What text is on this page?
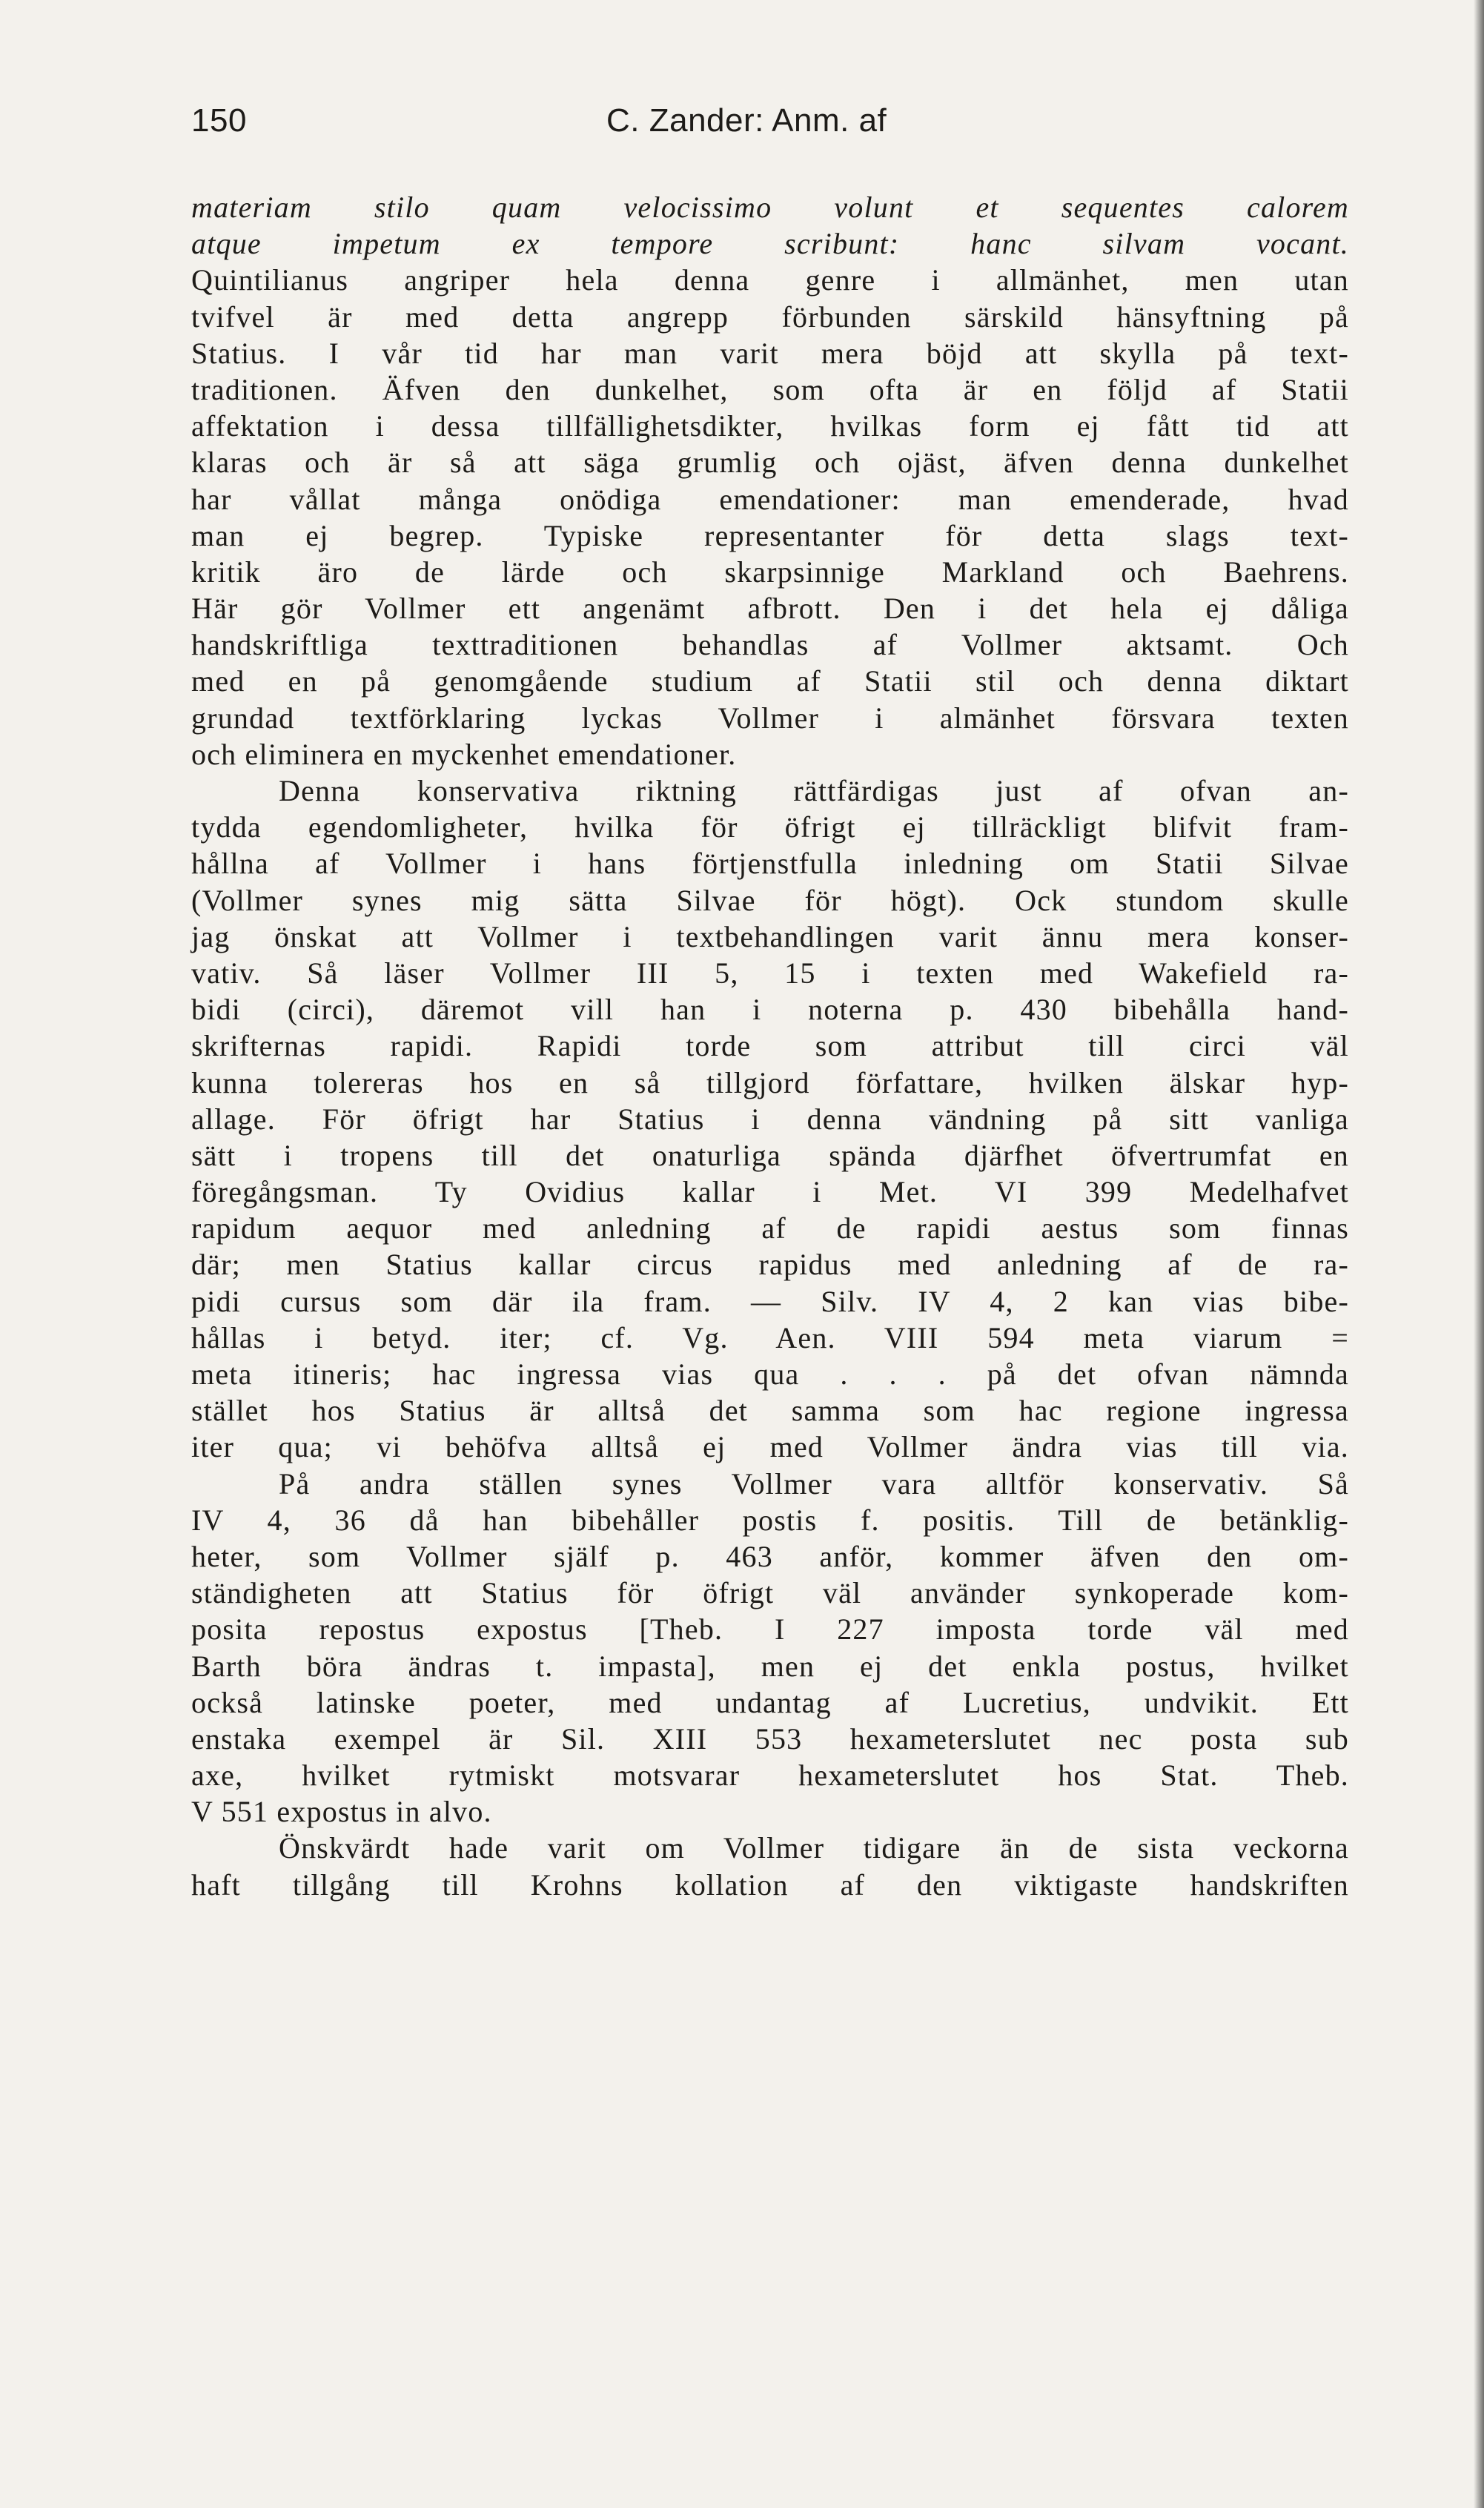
150	C. Zander: Anm. af
materiam stilo quam velocissimo volunt et sequentes calorem
atque impetum ex tempore scribunt: hanc silvam vocant.
Quintilianus angriper hela denna genre i allmänhet, men utan
tvifvel är med detta angrepp förbunden särskild hänsyftning på
Statius. I vår tid har man varit mera böjd att skylla på text-
traditionen. Äfven den dunkelhet, som ofta är en följd af Statii
affektation i dessa tillfällighetsdikter, hvilkas form ej fått tid att
klaras och är så att säga grumlig och ojäst, äfven denna dunkelhet
har vållat många onödiga emendationer: man emenderade, hvad
man ej begrep. Typiske representanter för detta slags text-
kritik äro de lärde och skarpsinnige Markland och Baehrens.
Här gör Vollmer ett angenämt afbrott. Den i det hela ej dåliga
handskriftliga texttraditionen behandlas af Vollmer aktsamt. Och
med en på genomgående studium af Statii stil och denna diktart
grundad textförklaring lyckas Vollmer i almänhet försvara texten
och eliminera en myckenhet emendationer.
Denna konservativa riktning rättfärdigas just af ofvan an-
tydda egendomligheter, hvilka för öfrigt ej tillräckligt blifvit fram-
hållna af Vollmer i hans förtjenstfulla inledning om Statii Silvae
(Vollmer synes mig sätta Silvae för högt). Ock stundom skulle
jag önskat att Vollmer i textbehandlingen varit ännu mera konser-
vativ. Så läser Vollmer III 5, 15 i texten med Wakefield ra-
bidi (circi), däremot vill han i noterna p. 430 bibehålla hand-
skrifternas rapidi. Rapidi torde som attribut till circi väl
kunna tolereras hos en så tillgjord författare, hvilken älskar hyp-
allage. För öfrigt har Statius i denna vändning på sitt vanliga
sätt i tropens till det onaturliga spända djärfhet öfvertrumfat en
föregångsman. Ty Ovidius kallar i Met. VI 399 Medelhafvet
rapidum aequor med anledning af de rapidi aestus som finnas
där; men Statius kallar circus rapidus med anledning af de ra-
pidi cursus som där ila fram. — Silv. IV 4, 2 kan vias bibe-
hållas i betyd. iter; cf. Vg. Aen. VIII 594 meta viarum =
meta itineris; hac ingressa vias qua . . . på det ofvan nämnda
stället hos Statius är alltså det samma som hac regione ingressa
iter qua; vi behöfva alltså ej med Vollmer ändra vias till via.
På andra ställen synes Vollmer vara alltför konservativ. Så
IV 4, 36 då han bibehåller postis f. positis. Till de betänklig-
heter, som Vollmer själf p. 463 anför, kommer äfven den om-
ständigheten att Statius för öfrigt väl använder synkoperade kom-
posita repostus expostus [Theb. I 227 imposta torde väl med
Barth böra ändras t. impasta], men ej det enkla postus, hvilket
också latinske poeter, med undantag af Lucretius, undvikit. Ett
enstaka exempel är Sil. XIII 553 hexameterslutet nec posta sub
axe, hvilket rytmiskt motsvarar hexameterslutet hos Stat. Theb.
V 551 expostus in alvo.
Önskvärdt hade varit om Vollmer tidigare än de sista veckorna
haft tillgång till Krohns kollation af den viktigaste handskriften
